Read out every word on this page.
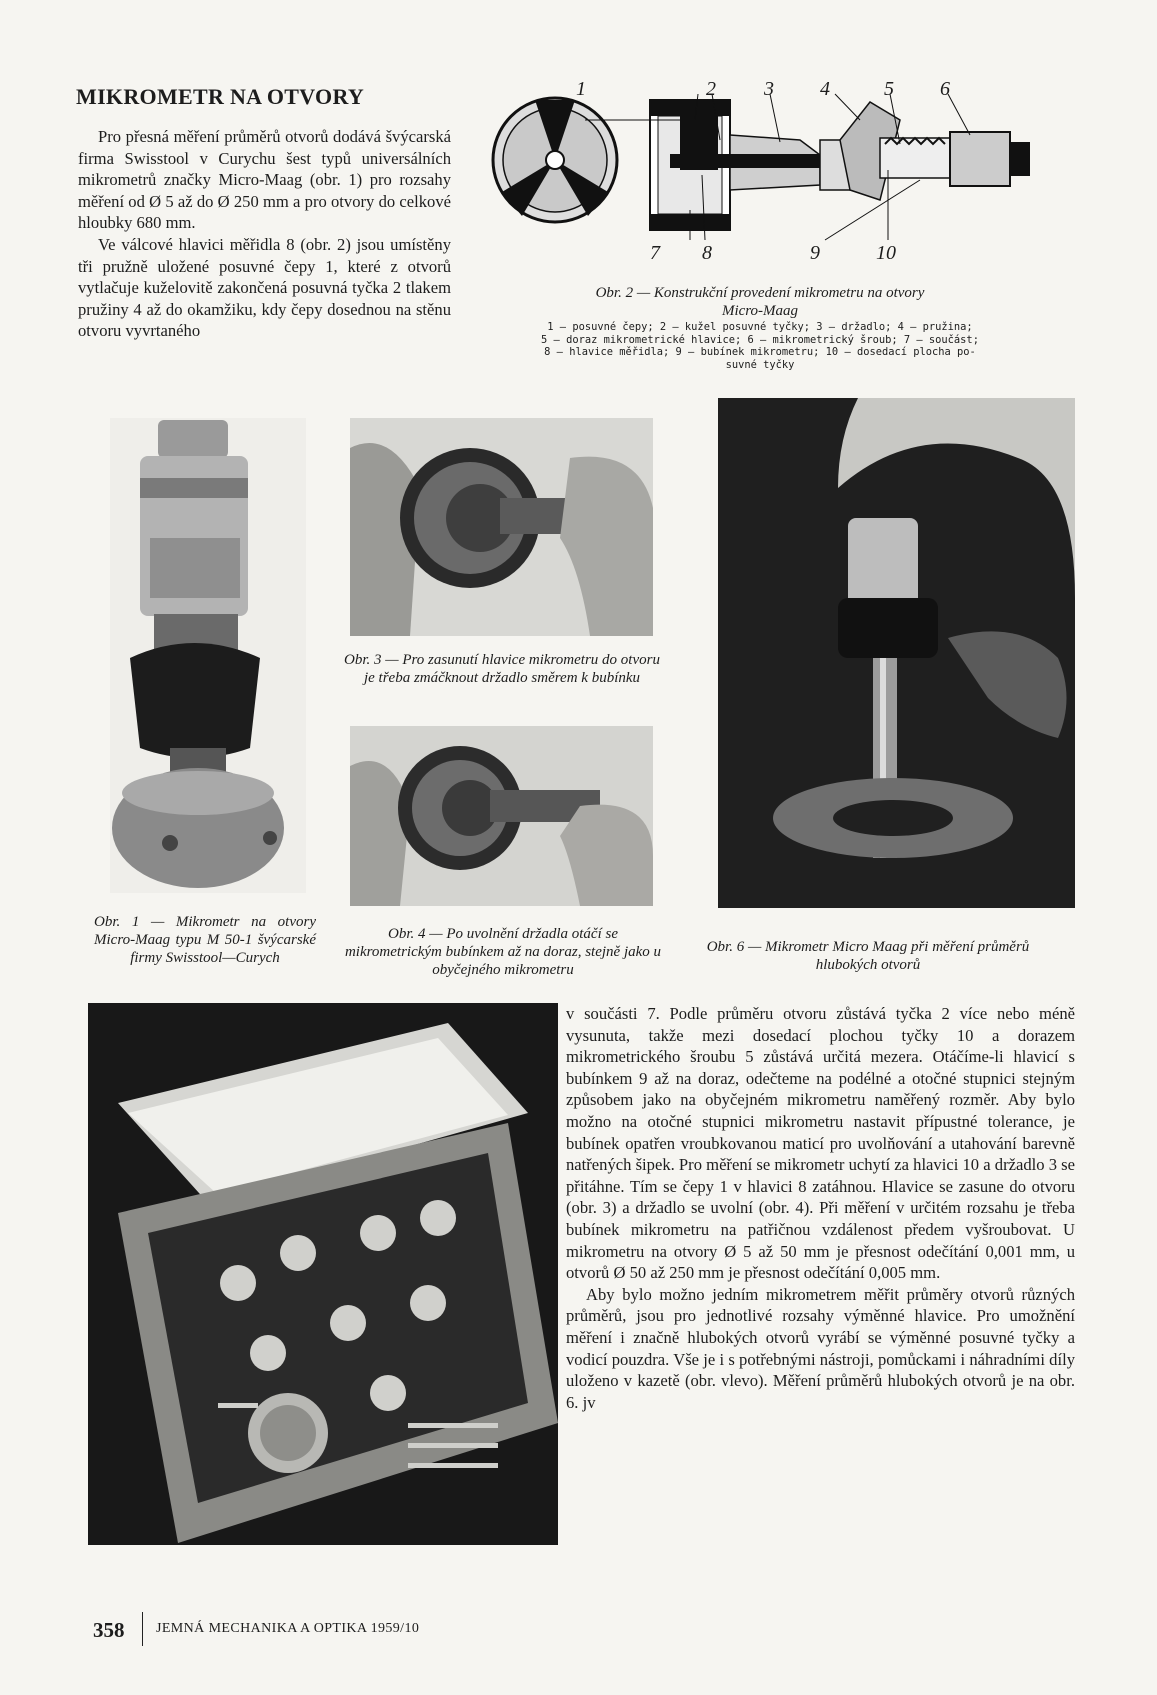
MIKROMETR NA OTVORY

Pro přesná měření průměrů otvorů dodává švýcarská firma Swisstool v Curychu šest typů universálních mikrometrů značky Micro-Maag (obr. 1) pro rozsahy měření od Ø 5 až do Ø 250 mm a pro otvory do celkové hloubky 680 mm.

Ve válcové hlavici měřidla 8 (obr. 2) jsou umístěny tři pružně uložené posuvné čepy 1, které z otvorů vytlačuje kuželovitě zakončená posuvná tyčka 2 tlakem pružiny 4 až do okamžiku, kdy čepy dosednou na stěnu otvoru vyvrtaného

1	2 3 4	5 6
7 8	9	10
Obr. 2 — Konstrukční provedení mikrometru na otvory
Micro-Maag
1 — posuvné čepy; 2 — kužel posuvné tyčky; 3 — držadlo; 4 — pružina;
5 — doraz mikrometrické hlavice; 6 — mikrometrický šroub; 7 — součást;
8 — hlavice měřidla; 9 — bubínek mikrometru; 10 — dosedací plocha po-
suvné tyčky
Obr. 1 — Mikrometr na otvory Micro-Maag typu M 50-1 švýcarské firmy Swisstool—Curych
Obr. 3 — Pro zasunutí hlavice mikrometru do otvoru je třeba zmáčknout držadlo směrem k bubínku
Obr. 4 — Po uvolnění držadla otáčí se mikrometrickým bubínkem až na doraz, stejně jako u obyčejného mikrometru
Obr. 6 — Mikrometr Micro Maag při měření průměrů hlubokých otvorů

v součásti 7. Podle průměru otvoru zůstává tyčka 2 více nebo méně vysunuta, takže mezi dosedací plochou tyčky 10 a dorazem mikrometrického šroubu 5 zůstává určitá mezera. Otáčíme-li hlavicí s bubínkem 9 až na doraz, odečteme na podélné a otočné stupnici stejným způsobem jako na obyčejném mikrometru naměřený rozměr. Aby bylo možno na otočné stupnici mikrometru nastavit přípustné tolerance, je bubínek opatřen vroubkovanou maticí pro uvolňování a utahování barevně natřených šipek. Pro měření se mikrometr uchytí za hlavici 10 a držadlo 3 se přitáhne. Tím se čepy 1 v hlavici 8 zatáhnou. Hlavice se zasune do otvoru (obr. 3) a držadlo se uvolní (obr. 4). Při měření v určitém rozsahu je třeba bubínek mikrometru na patřičnou vzdálenost předem vyšroubovat. U mikrometru na otvory Ø 5 až 50 mm je přesnost odečítání 0,001 mm, u otvorů Ø 50 až 250 mm je přesnost odečítání 0,005 mm.

Aby bylo možno jedním mikrometrem měřit průměry otvorů různých průměrů, jsou pro jednotlivé rozsahy výměnné hlavice. Pro umožnění měření i značně hlubokých otvorů vyrábí se výměnné posuvné tyčky a vodicí pouzdra. Vše je i s potřebnými nástroji, pomůckami i náhradními díly uloženo v kazetě (obr. vlevo). Měření průměrů hlubokých otvorů je na obr. 6. jv

358 JEMNÁ MECHANIKA A OPTIKA 1959/10
